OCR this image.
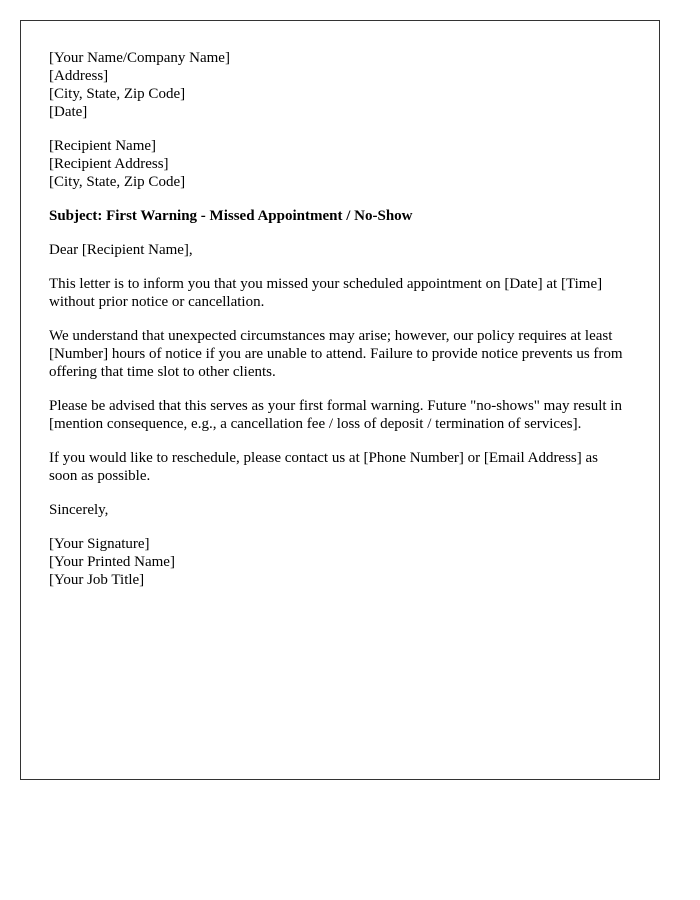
[Your Name/Company Name]
[Address]
[City, State, Zip Code]
[Date]
[Recipient Name]
[Recipient Address]
[City, State, Zip Code]
Subject: First Warning - Missed Appointment / No-Show
Dear [Recipient Name],

This letter is to inform you that you missed your scheduled appointment on [Date] at [Time] without prior notice or cancellation.

We understand that unexpected circumstances may arise; however, our policy requires at least [Number] hours of notice if you are unable to attend. Failure to provide notice prevents us from offering that time slot to other clients.

Please be advised that this serves as your first formal warning. Future "no-shows" may result in [mention consequence, e.g., a cancellation fee / loss of deposit / termination of services].

If you would like to reschedule, please contact us at [Phone Number] or [Email Address] as soon as possible.

Sincerely,
[Your Signature]
[Your Printed Name]
[Your Job Title]
